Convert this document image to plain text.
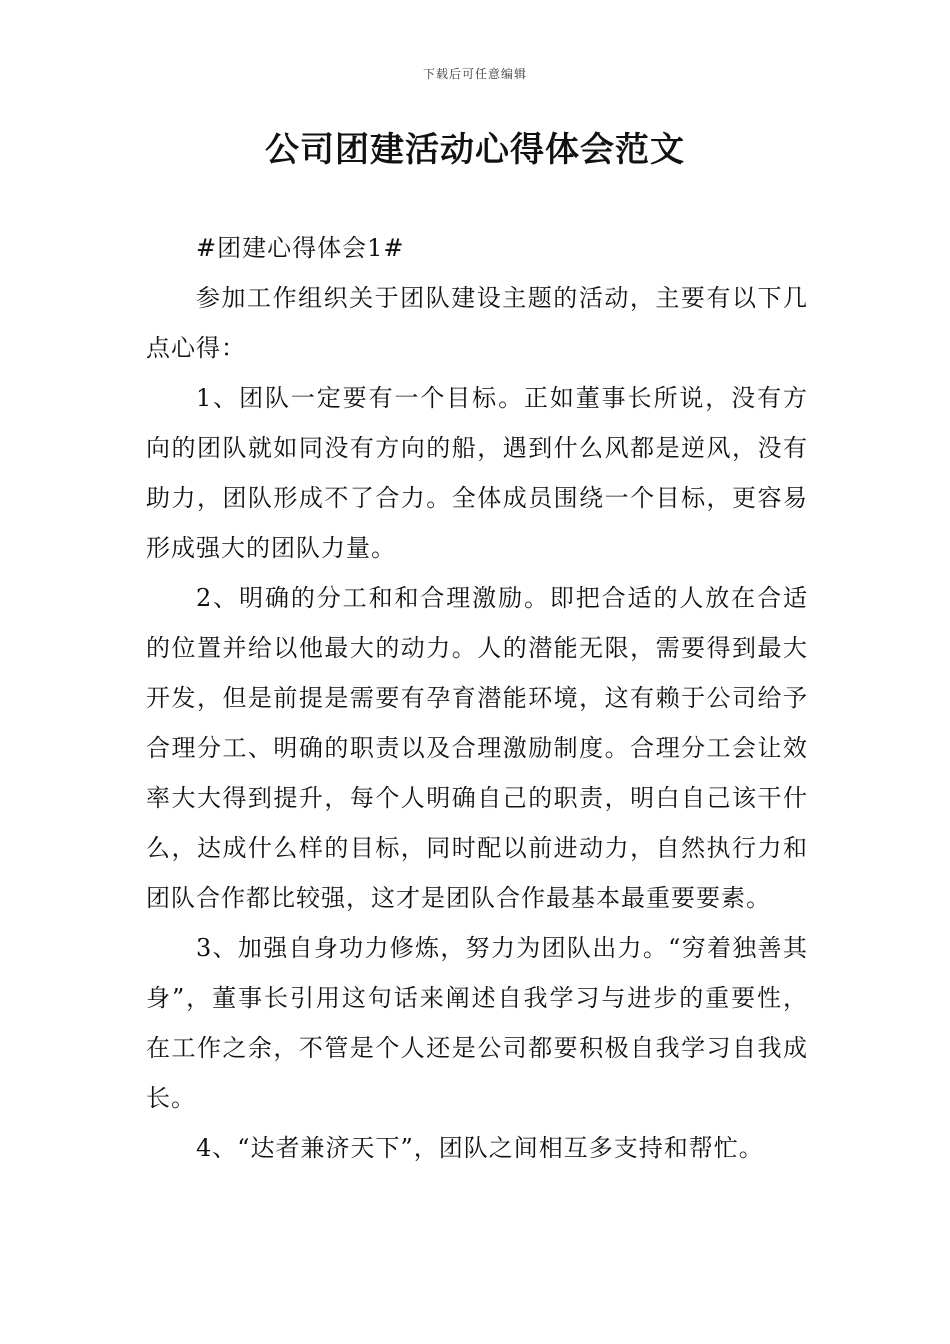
下载后可任意编辑
公司团建活动心得体会范文

#团建心得体会1#

参加工作组织关于团队建设主题的活动，主要有以下几点心得：

1、团队一定要有一个目标。正如董事长所说，没有方向的团队就如同没有方向的船，遇到什么风都是逆风，没有助力，团队形成不了合力。全体成员围绕一个目标，更容易形成强大的团队力量。

2、明确的分工和和合理激励。即把合适的人放在合适的位置并给以他最大的动力。人的潜能无限，需要得到最大开发，但是前提是需要有孕育潜能环境，这有赖于公司给予合理分工、明确的职责以及合理激励制度。合理分工会让效率大大得到提升，每个人明确自己的职责，明白自己该干什么，达成什么样的目标，同时配以前进动力，自然执行力和团队合作都比较强，这才是团队合作最基本最重要要素。

3、加强自身功力修炼，努力为团队出力。“穷着独善其身”，董事长引用这句话来阐述自我学习与进步的重要性，在工作之余，不管是个人还是公司都要积极自我学习自我成长。

4、“达者兼济天下”，团队之间相互多支持和帮忙。
